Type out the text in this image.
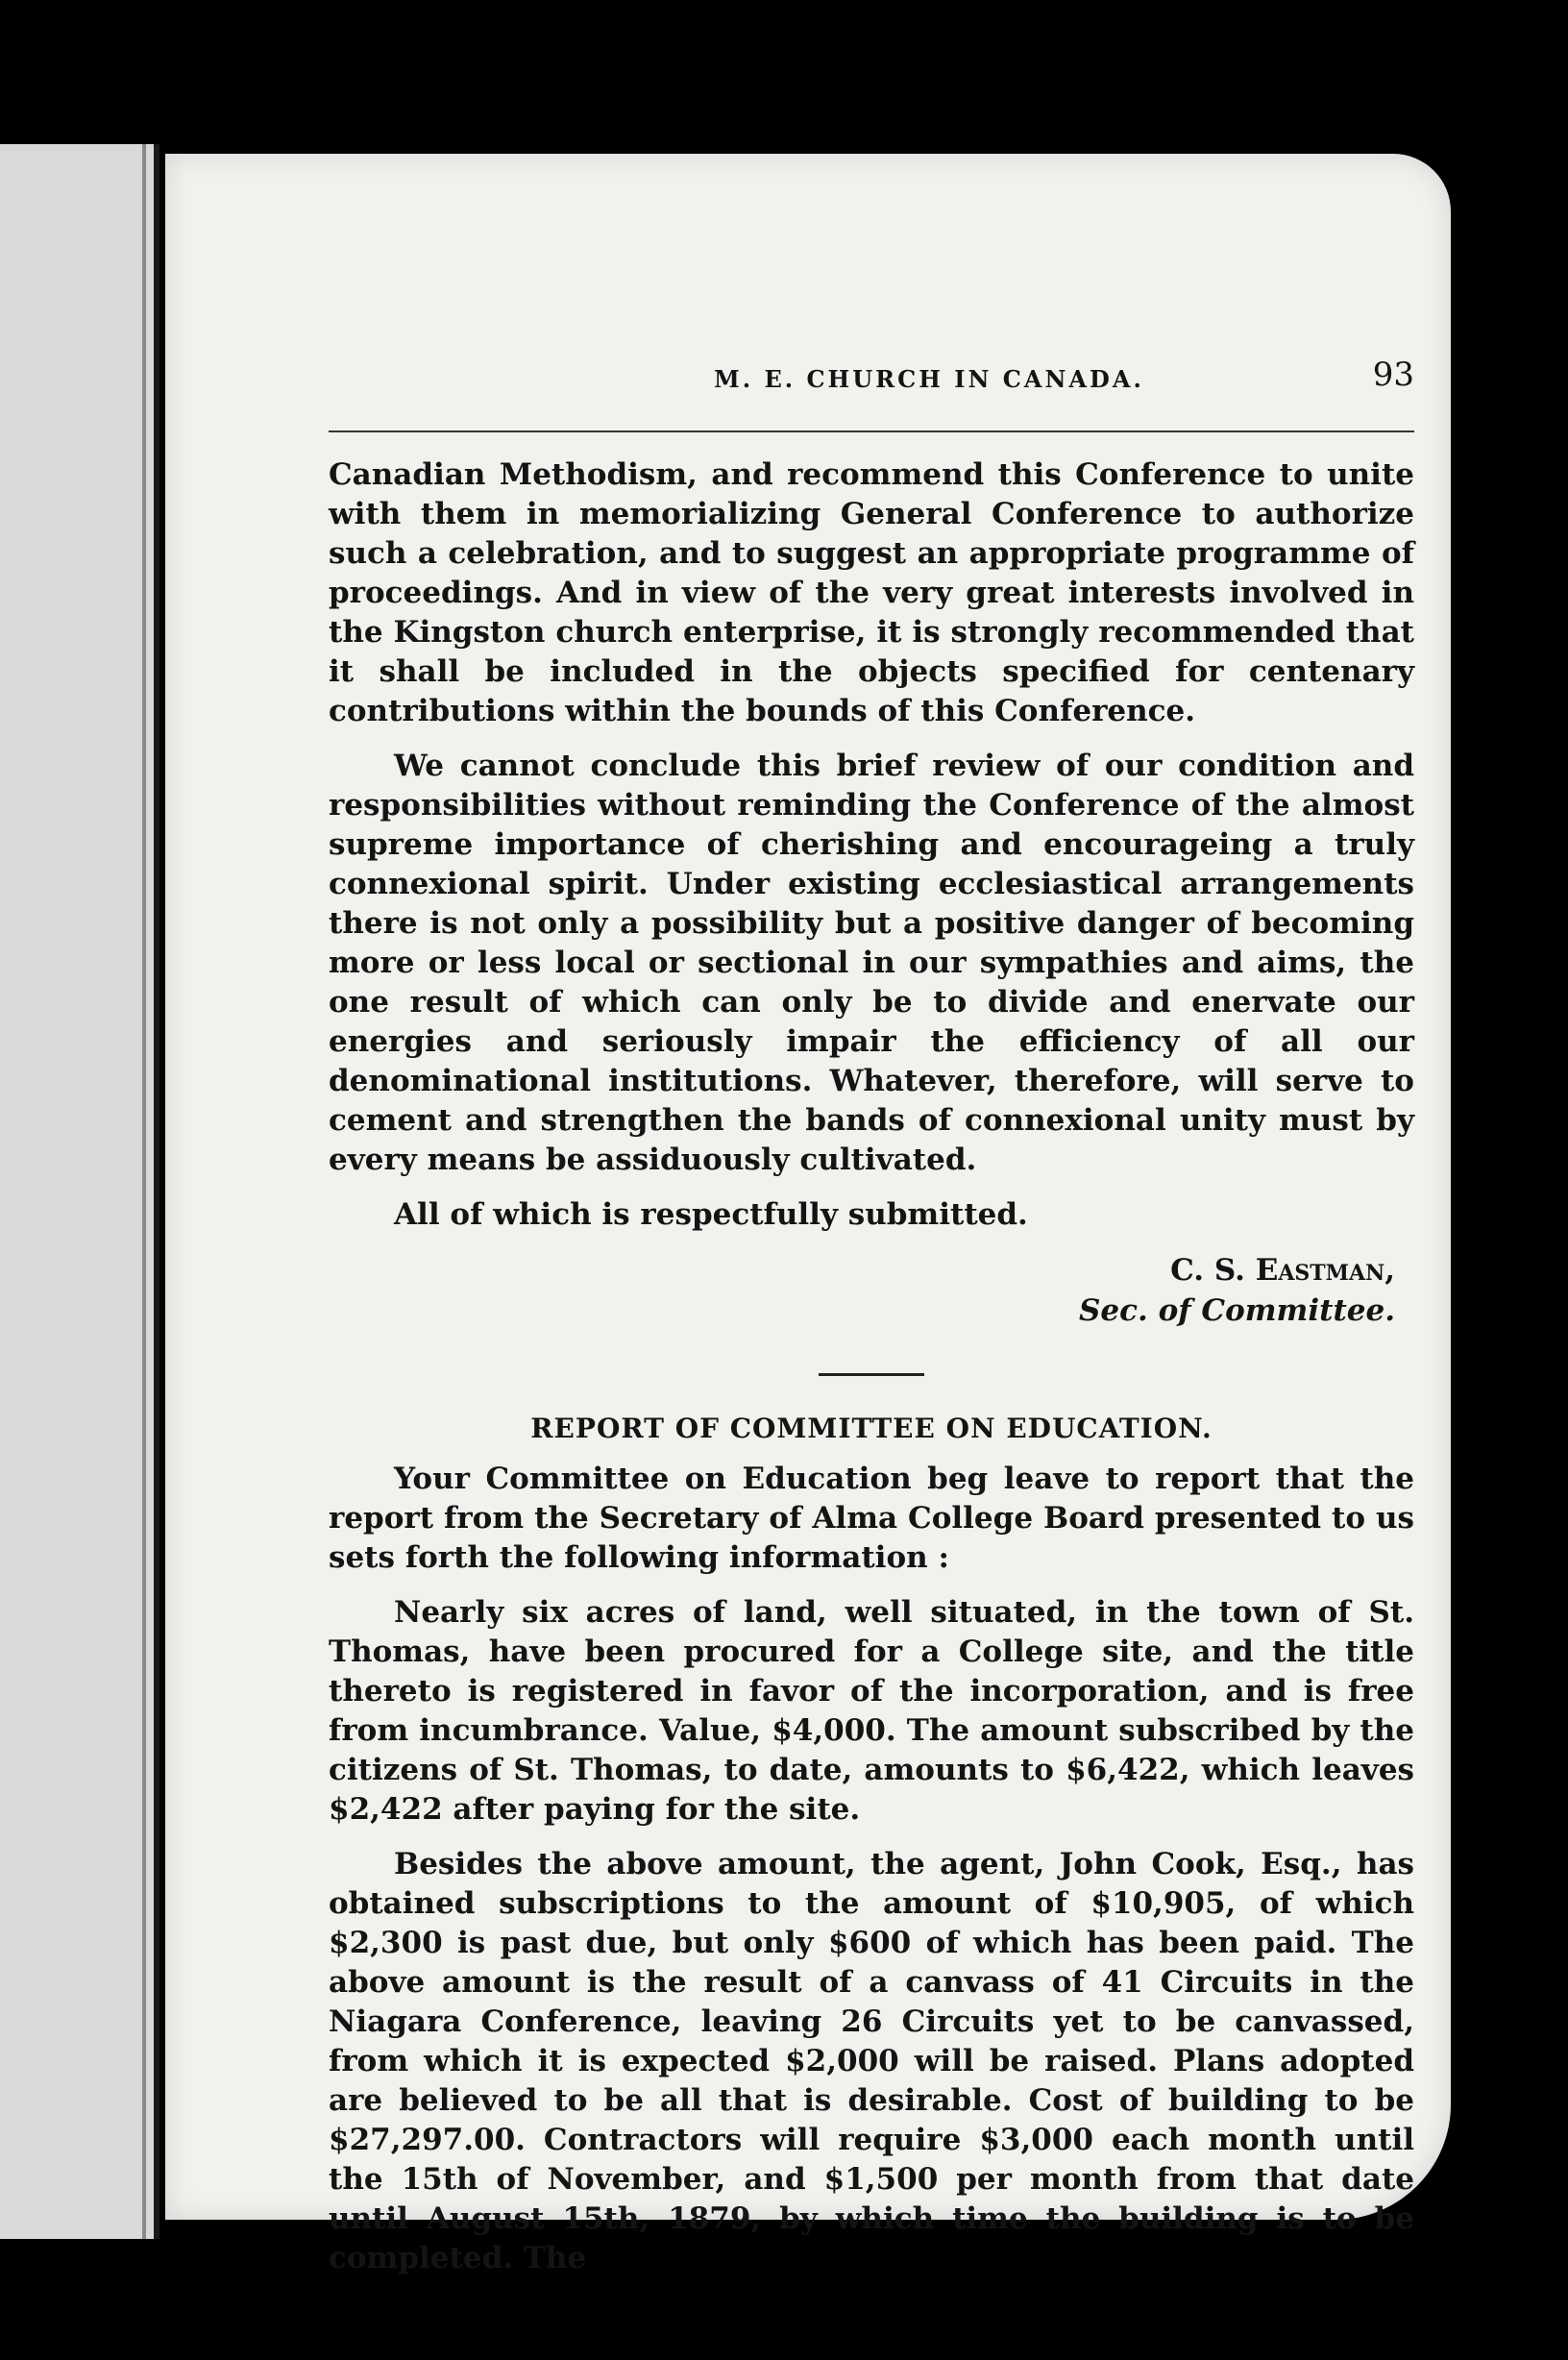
M. E. CHURCH IN CANADA.	93

Canadian Methodism, and recommend this Conference to unite with them in memorializing General Conference to authorize such a celebration, and to suggest an appropriate programme of proceedings. And in view of the very great interests involved in the Kingston church enterprise, it is strongly recommended that it shall be included in the objects specified for centenary contributions within the bounds of this Conference.

We cannot conclude this brief review of our condition and responsibilities without reminding the Conference of the almost supreme importance of cherishing and encourageing a truly connexional spirit. Under existing ecclesiastical arrangements there is not only a possibility but a positive danger of becoming more or less local or sectional in our sympathies and aims, the one result of which can only be to divide and enervate our energies and seriously impair the efficiency of all our denominational institutions. Whatever, therefore, will serve to cement and strengthen the bands of connexional unity must by every means be assiduously cultivated.

All of which is respectfully submitted.

C. S. Eastman,
Sec. of Committee.
REPORT OF COMMITTEE ON EDUCATION.

Your Committee on Education beg leave to report that the report from the Secretary of Alma College Board presented to us sets forth the following information :

Nearly six acres of land, well situated, in the town of St. Thomas, have been procured for a College site, and the title thereto is registered in favor of the incorporation, and is free from incumbrance. Value, $4,000. The amount subscribed by the citizens of St. Thomas, to date, amounts to $6,422, which leaves $2,422 after paying for the site.

Besides the above amount, the agent, John Cook, Esq., has obtained subscriptions to the amount of $10,905, of which $2,300 is past due, but only $600 of which has been paid. The above amount is the result of a canvass of 41 Circuits in the Niagara Conference, leaving 26 Circuits yet to be canvassed, from which it is expected $2,000 will be raised. Plans adopted are believed to be all that is desirable. Cost of building to be $27,297.00. Contractors will require $3,000 each month until the 15th of November, and $1,500 per month from that date until August 15th, 1879, by which time the building is to be completed. The
